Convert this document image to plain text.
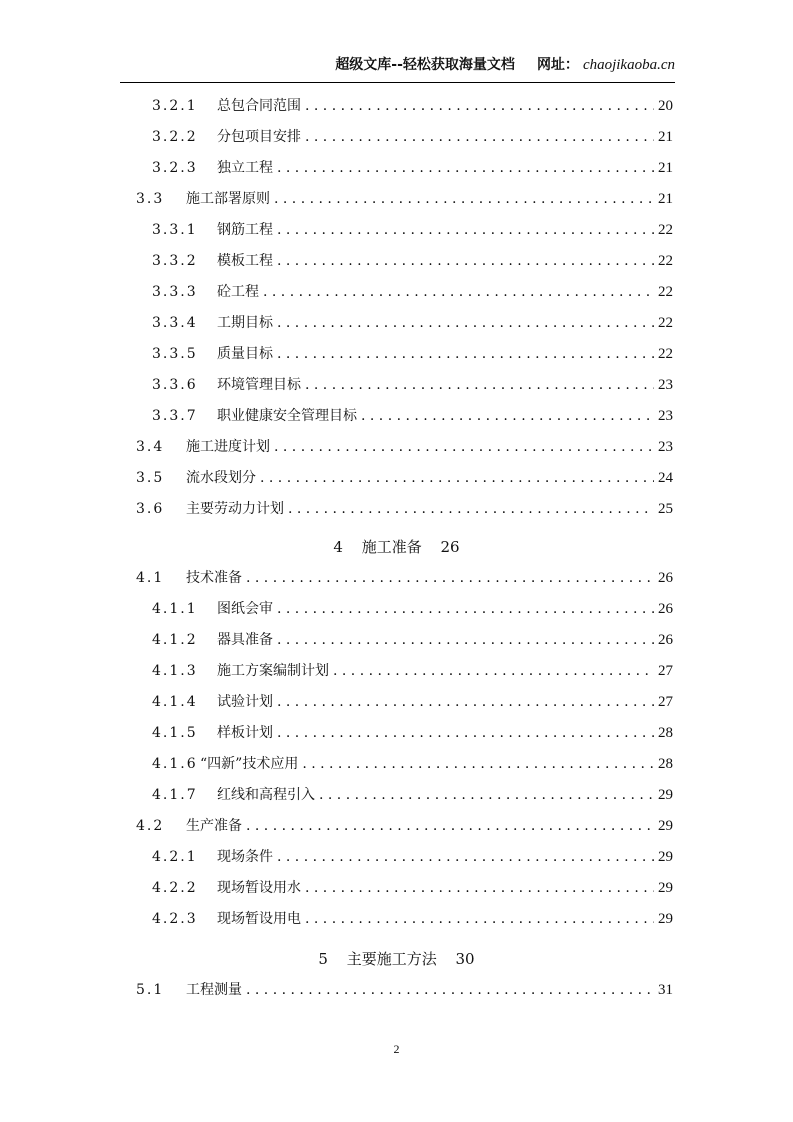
超级文库--轻松获取海量文档 网址： chaojikaoba.cn
3.2.1 总包合同范围 . . .	20
3.2.2 分包项目安排 . . .	21
3.2.3 独立工程 . . .	21
3.3 施工部署原则 . . .	21
3.3.1 钢筋工程 . . .	22
3.3.2 模板工程 . . .	22
3.3.3 砼工程 . . .	22
3.3.4 工期目标 . . .	22
3.3.5 质量目标 . . .	22
3.3.6 环境管理目标 . . .	23
3.3.7 职业健康安全管理目标 . . .	23
3.4 施工进度计划 . . .	23
3.5 流水段划分 . . .	24
3.6 主要劳动力计划 . . .	25
4 施工准备 26
4.1 技术准备 . . .	26
4.1.1 图纸会审 . . .	26
4.1.2 器具准备 . . .	26
4.1.3 施工方案编制计划 . . .	27
4.1.4 试验计划 . . .	27
4.1.5 样板计划 . . .	28
4.1.6 “四新”技术应用 . . .	28
4.1.7 红线和高程引入 . . .	29
4.2 生产准备 . . .	29
4.2.1 现场条件 . . .	29
4.2.2 现场暂设用水 . . .	29
4.2.3 现场暂设用电 . . .	29
5 主要施工方法 30
5.1 工程测量 . . .	31
2
